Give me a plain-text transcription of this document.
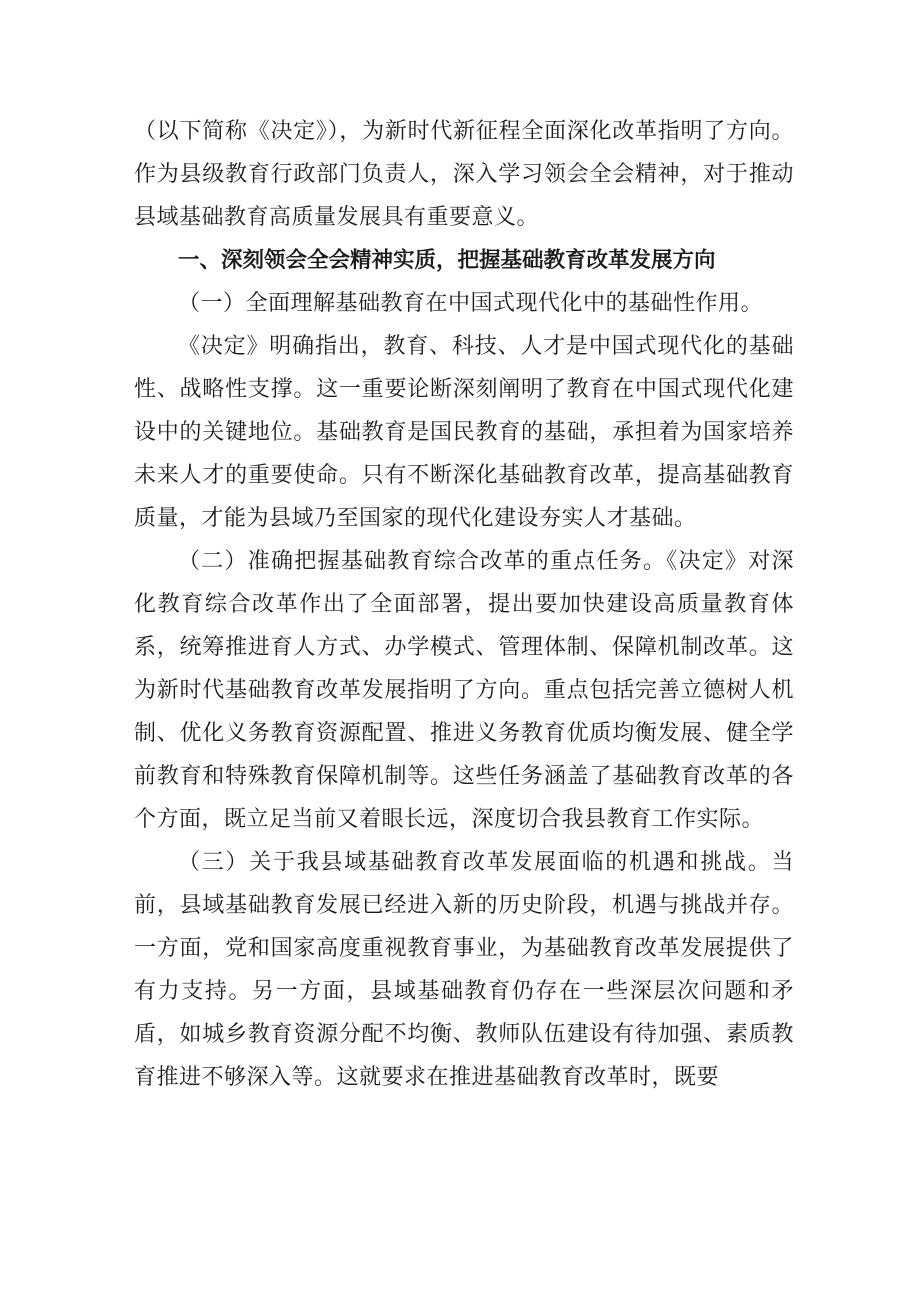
（以下简称《决定》），为新时代新征程全面深化改革指明了方向。作为县级教育行政部门负责人，深入学习领会全会精神，对于推动县域基础教育高质量发展具有重要意义。

一、深刻领会全会精神实质，把握基础教育改革发展方向

（一）全面理解基础教育在中国式现代化中的基础性作用。

《决定》明确指出，教育、科技、人才是中国式现代化的基础性、战略性支撑。这一重要论断深刻阐明了教育在中国式现代化建设中的关键地位。基础教育是国民教育的基础，承担着为国家培养未来人才的重要使命。只有不断深化基础教育改革，提高基础教育质量，才能为县域乃至国家的现代化建设夯实人才基础。

（二）准确把握基础教育综合改革的重点任务。《决定》对深化教育综合改革作出了全面部署，提出要加快建设高质量教育体系，统筹推进育人方式、办学模式、管理体制、保障机制改革。这为新时代基础教育改革发展指明了方向。重点包括完善立德树人机制、优化义务教育资源配置、推进义务教育优质均衡发展、健全学前教育和特殊教育保障机制等。这些任务涵盖了基础教育改革的各个方面，既立足当前又着眼长远，深度切合我县教育工作实际。

（三）关于我县域基础教育改革发展面临的机遇和挑战。当前，县域基础教育发展已经进入新的历史阶段，机遇与挑战并存。一方面，党和国家高度重视教育事业，为基础教育改革发展提供了有力支持。另一方面，县域基础教育仍存在一些深层次问题和矛盾，如城乡教育资源分配不均衡、教师队伍建设有待加强、素质教育推进不够深入等。这就要求在推进基础教育改革时，既要
